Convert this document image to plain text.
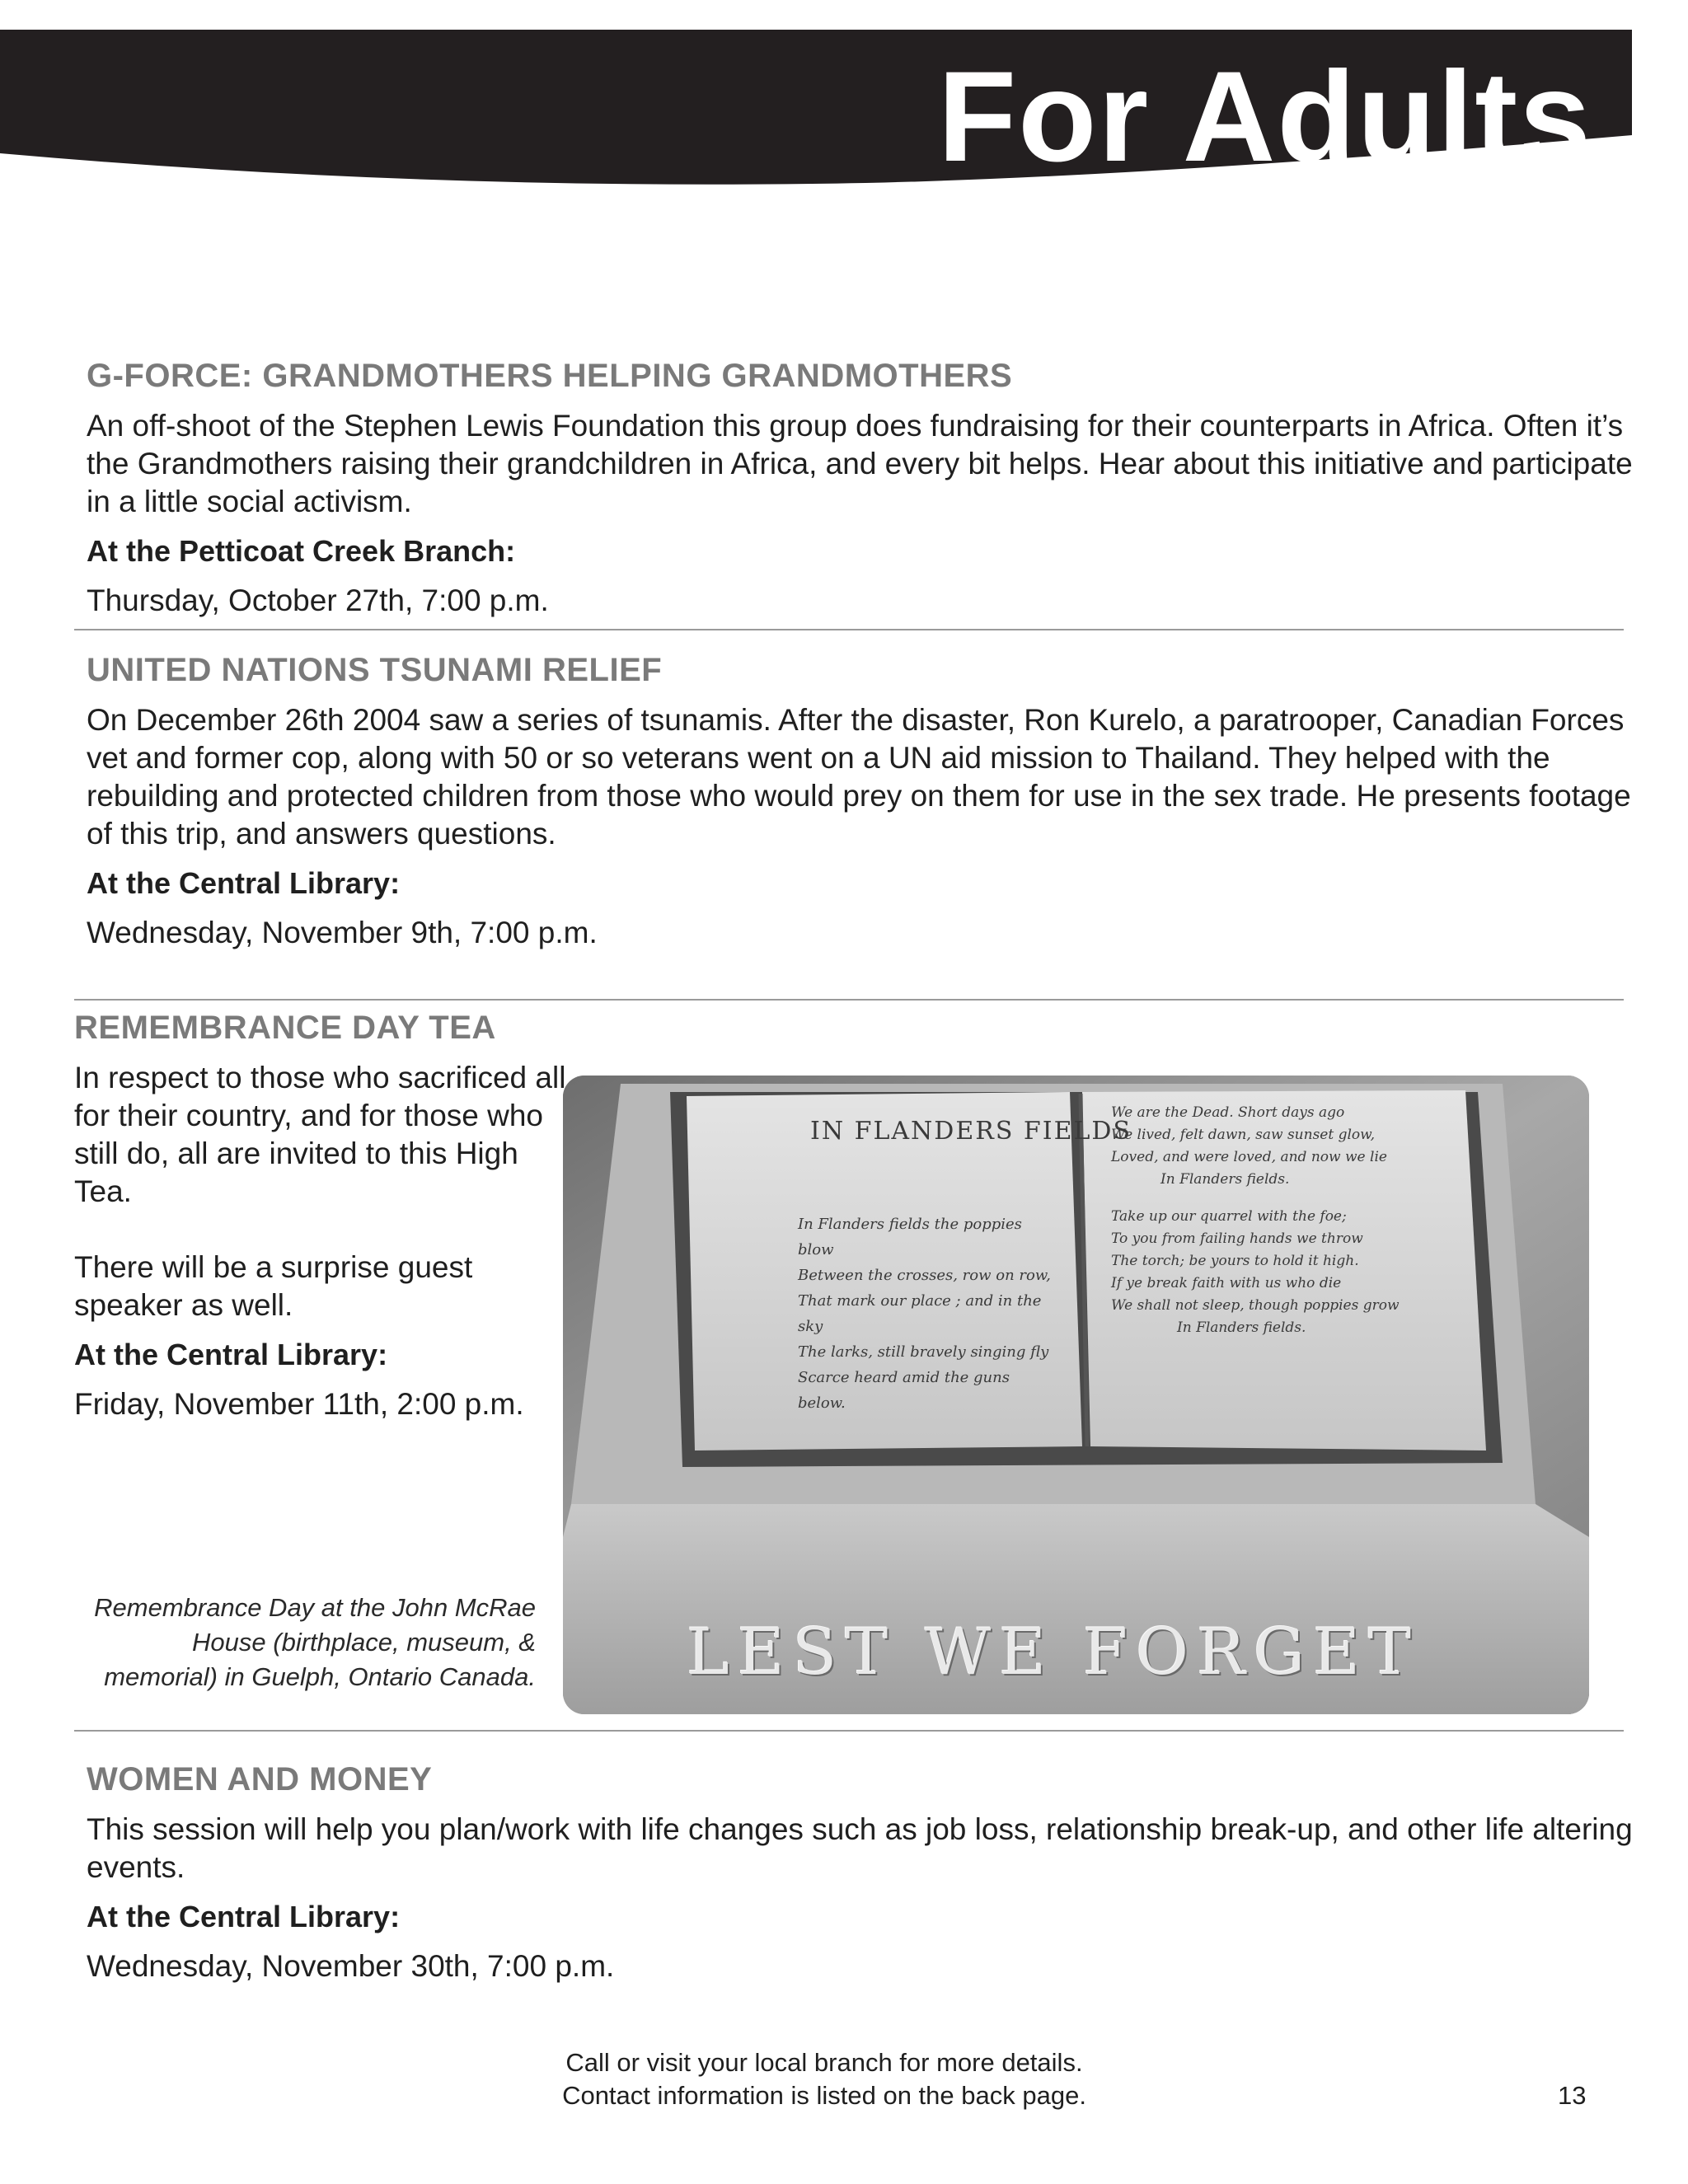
For Adults
G-FORCE: GRANDMOTHERS HELPING GRANDMOTHERS

An off-shoot of the Stephen Lewis Foundation this group does fundraising for their counterparts in Africa. Often it’s the Grandmothers raising their grandchildren in Africa, and every bit helps. Hear about this initiative and participate in a little social activism.

At the Petticoat Creek Branch:

Thursday, October 27th, 7:00 p.m.

UNITED NATIONS TSUNAMI RELIEF

On December 26th 2004 saw a series of tsunamis. After the disaster, Ron Kurelo, a paratrooper, Canadian Forces vet and former cop, along with 50 or so veterans went on a UN aid mission to Thailand. They helped with the rebuilding and protected children from those who would prey on them for use in the sex trade. He presents footage of this trip, and answers questions.

At the Central Library:

Wednesday, November 9th, 7:00 p.m.

REMEMBRANCE DAY TEA

In respect to those who sacrificed all for their country, and for those who still do, all are invited to this High Tea.

There will be a surprise guest speaker as well.

At the Central Library:

Friday, November 11th, 2:00 p.m.

IN FLANDERS FIELDS
In Flanders fields the poppies blow
Between the crosses, row on row,
That mark our place ; and in the sky
The larks, still bravely singing fly
Scarce heard amid the guns below.
We are the Dead. Short days ago
We lived, felt dawn, saw sunset glow,
Loved, and were loved, and now we lie
In Flanders fields.
Take up our quarrel with the foe;
To you from failing hands we throw
The torch; be yours to hold it high.
If ye break faith with us who die
We shall not sleep, though poppies grow
In Flanders fields.
LEST WE FORGET
Remembrance Day at the John McRae House (birthplace, museum, & memorial) in Guelph, Ontario Canada.
WOMEN AND MONEY

This session will help you plan/work with life changes such as job loss, relationship break-up, and other life altering events.

At the Central Library:

Wednesday, November 30th, 7:00 p.m.

Call or visit your local branch for more details.
Contact information is listed on the back page.	13
